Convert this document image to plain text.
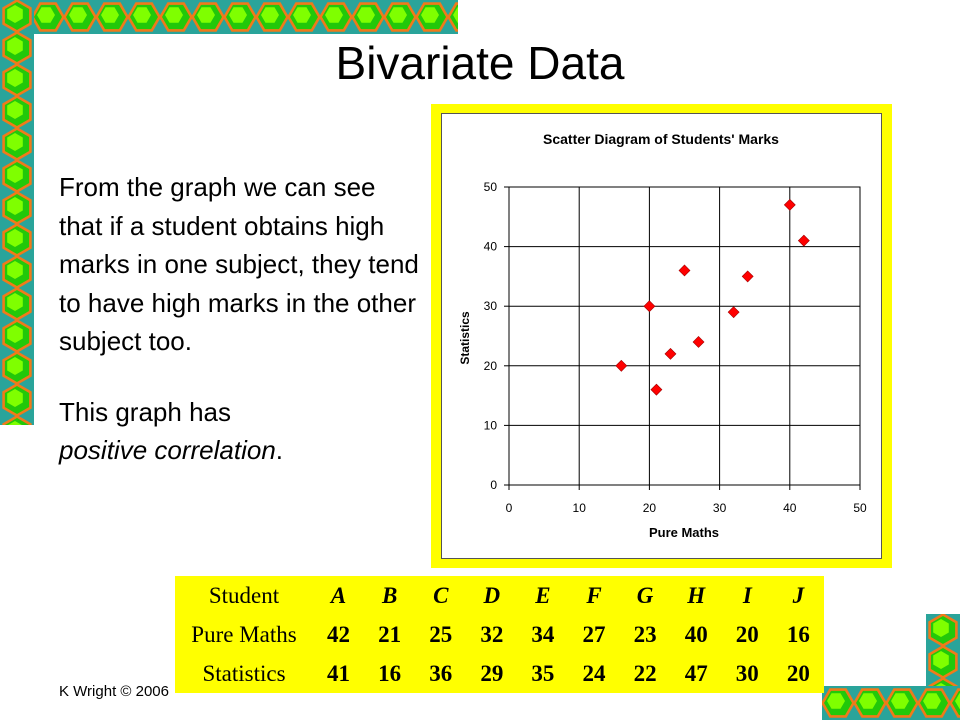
Bivariate Data

From the graph we can see that if a student obtains high marks in one subject, they tend to have high marks in the other subject too.

This graph has

positive correlation.

0	10	20	30	40	50
0
10
20
30
40
50
Scatter Diagram of Students' Marks
Pure Maths
Statistics
Student	A	B	C	D	E	F	G	H	I	J
Pure Maths	42	21	25	32	34	27	23	40	20	16
Statistics	41	16	36	29	35	24	22	47	30	20
K Wright © 2006
